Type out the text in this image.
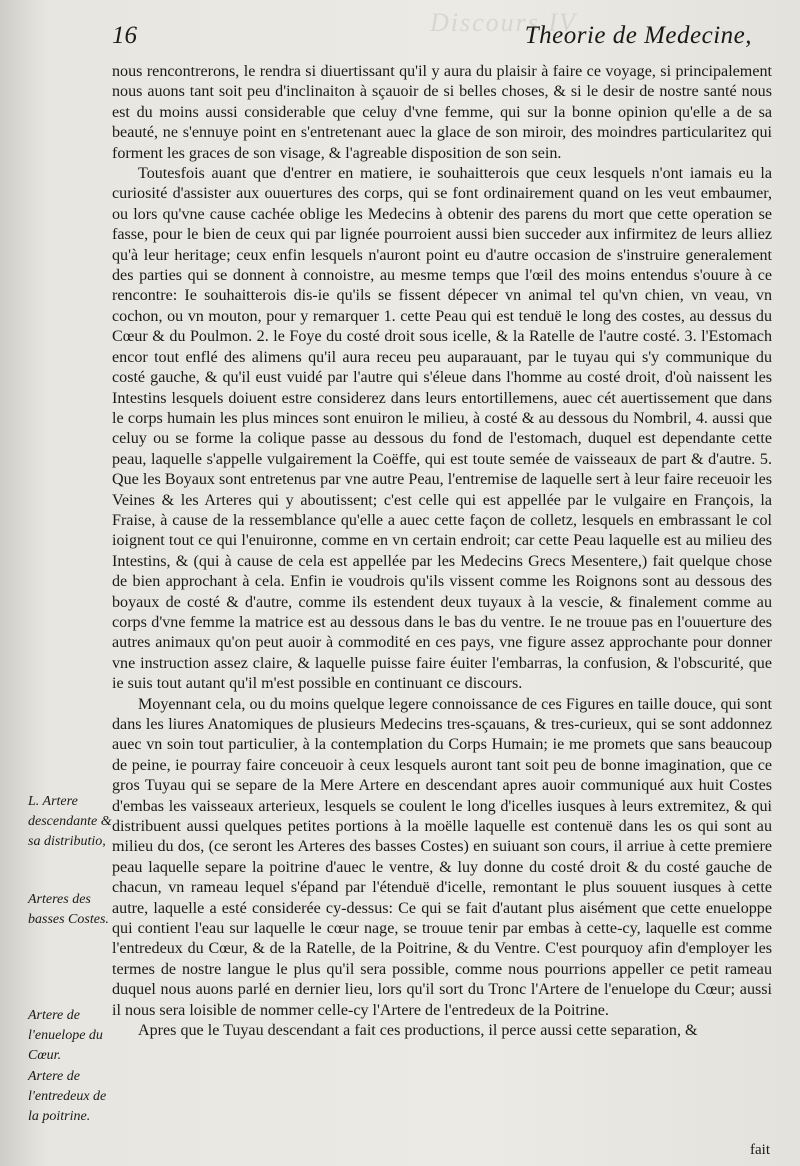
Discours IV
16	Theorie de Medecine,
L. Artere descendante & sa distributio,
Arteres des basses Costes.
Artere de l'enuelope du Cœur.
Artere de l'entredeux de la poitrine.

nous rencontrerons, le rendra si diuertissant qu'il y aura du plaisir à faire ce voyage, si principalement nous auons tant soit peu d'inclinaiton à sçauoir de si belles choses, & si le desir de nostre santé nous est du moins aussi considerable que celuy d'vne femme, qui sur la bonne opinion qu'elle a de sa beauté, ne s'ennuye point en s'entretenant auec la glace de son miroir, des moindres particularitez qui forment les graces de son visage, & l'agreable disposition de son sein.

Toutesfois auant que d'entrer en matiere, ie souhaitterois que ceux lesquels n'ont iamais eu la curiosité d'assister aux ouuertures des corps, qui se font ordinairement quand on les veut embaumer, ou lors qu'vne cause cachée oblige les Medecins à obtenir des parens du mort que cette operation se fasse, pour le bien de ceux qui par lignée pourroient aussi bien succeder aux infirmitez de leurs alliez qu'à leur heritage; ceux enfin lesquels n'auront point eu d'autre occasion de s'instruire generalement des parties qui se donnent à connoistre, au mesme temps que l'œil des moins entendus s'ouure à ce rencontre: Ie souhaitterois dis-ie qu'ils se fissent dépecer vn animal tel qu'vn chien, vn veau, vn cochon, ou vn mouton, pour y remarquer 1. cette Peau qui est tenduë le long des costes, au dessus du Cœur & du Poulmon. 2. le Foye du costé droit sous icelle, & la Ratelle de l'autre costé. 3. l'Estomach encor tout enflé des alimens qu'il aura receu peu auparauant, par le tuyau qui s'y communique du costé gauche, & qu'il eust vuidé par l'autre qui s'éleue dans l'homme au costé droit, d'où naissent les Intestins lesquels doiuent estre considerez dans leurs entortillemens, auec cét auertissement que dans le corps humain les plus minces sont enuiron le milieu, à costé & au dessous du Nombril, 4. aussi que celuy ou se forme la colique passe au dessous du fond de l'estomach, duquel est dependante cette peau, laquelle s'appelle vulgairement la Coëffe, qui est toute semée de vaisseaux de part & d'autre. 5. Que les Boyaux sont entretenus par vne autre Peau, l'entremise de laquelle sert à leur faire receuoir les Veines & les Arteres qui y aboutissent; c'est celle qui est appellée par le vulgaire en François, la Fraise, à cause de la ressemblance qu'elle a auec cette façon de colletz, lesquels en embrassant le col ioignent tout ce qui l'enuironne, comme en vn certain endroit; car cette Peau laquelle est au milieu des Intestins, & (qui à cause de cela est appellée par les Medecins Grecs Mesentere,) fait quelque chose de bien approchant à cela. Enfin ie voudrois qu'ils vissent comme les Roignons sont au dessous des boyaux de costé & d'autre, comme ils estendent deux tuyaux à la vescie, & finalement comme au corps d'vne femme la matrice est au dessous dans le bas du ventre. Ie ne trouue pas en l'ouuerture des autres animaux qu'on peut auoir à commodité en ces pays, vne figure assez approchante pour donner vne instruction assez claire, & laquelle puisse faire éuiter l'embarras, la confusion, & l'obscurité, que ie suis tout autant qu'il m'est possible en continuant ce discours.

Moyennant cela, ou du moins quelque legere connoissance de ces Figures en taille douce, qui sont dans les liures Anatomiques de plusieurs Medecins tres-sçauans, & tres-curieux, qui se sont addonnez auec vn soin tout particulier, à la contemplation du Corps Humain; ie me promets que sans beaucoup de peine, ie pourray faire conceuoir à ceux lesquels auront tant soit peu de bonne imagination, que ce gros Tuyau qui se separe de la Mere Artere en descendant apres auoir communiqué aux huit Costes d'embas les vaisseaux arterieux, lesquels se coulent le long d'icelles iusques à leurs extremitez, & qui distribuent aussi quelques petites portions à la moëlle laquelle est contenuë dans les os qui sont au milieu du dos, (ce seront les Arteres des basses Costes) en suiuant son cours, il arriue à cette premiere peau laquelle separe la poitrine d'auec le ventre, & luy donne du costé droit & du costé gauche de chacun, vn rameau lequel s'épand par l'étenduë d'icelle, remontant le plus souuent iusques à cette autre, laquelle a esté considerée cy-dessus: Ce qui se fait d'autant plus aisément que cette enueloppe qui contient l'eau sur laquelle le cœur nage, se trouue tenir par embas à cette-cy, laquelle est comme l'entredeux du Cœur, & de la Ratelle, de la Poitrine, & du Ventre. C'est pourquoy afin d'employer les termes de nostre langue le plus qu'il sera possible, comme nous pourrions appeller ce petit rameau duquel nous auons parlé en dernier lieu, lors qu'il sort du Tronc l'Artere de l'enuelope du Cœur; aussi il nous sera loisible de nommer celle-cy l'Artere de l'entredeux de la Poitrine.

Apres que le Tuyau descendant a fait ces productions, il perce aussi cette separation, &

fait
